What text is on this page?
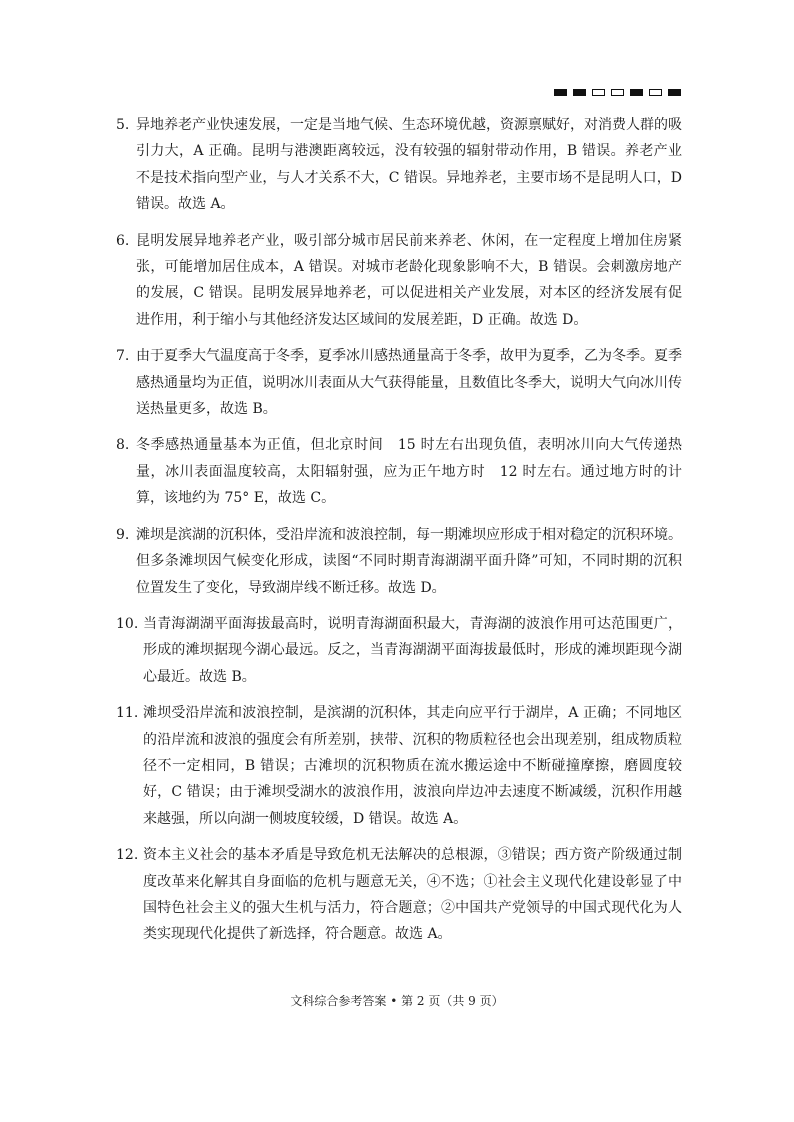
5. 异地养老产业快速发展，一定是当地气候、生态环境优越，资源禀赋好，对消费人群的吸引力大，A 正确。昆明与港澳距离较远，没有较强的辐射带动作用，B 错误。养老产业不是技术指向型产业，与人才关系不大，C 错误。异地养老，主要市场不是昆明人口，D 错误。故选 A。
6. 昆明发展异地养老产业，吸引部分城市居民前来养老、休闲，在一定程度上增加住房紧张，可能增加居住成本，A 错误。对城市老龄化现象影响不大，B 错误。会刺激房地产的发展，C 错误。昆明发展异地养老，可以促进相关产业发展，对本区的经济发展有促进作用，利于缩小与其他经济发达区域间的发展差距，D 正确。故选 D。
7. 由于夏季大气温度高于冬季，夏季冰川感热通量高于冬季，故甲为夏季，乙为冬季。夏季感热通量均为正值，说明冰川表面从大气获得能量，且数值比冬季大，说明大气向冰川传送热量更多，故选 B。
8. 冬季感热通量基本为正值，但北京时间　15 时左右出现负值，表明冰川向大气传递热量，冰川表面温度较高，太阳辐射强，应为正午地方时　12 时左右。通过地方时的计算，该地约为 75° E，故选 C。
9. 滩坝是滨湖的沉积体，受沿岸流和波浪控制，每一期滩坝应形成于相对稳定的沉积环境。但多条滩坝因气候变化形成，读图“不同时期青海湖湖平面升降”可知，不同时期的沉积位置发生了变化，导致湖岸线不断迁移。故选 D。
10. 当青海湖湖平面海拔最高时，说明青海湖面积最大，青海湖的波浪作用可达范围更广，形成的滩坝据现今湖心最远。反之，当青海湖湖平面海拔最低时，形成的滩坝距现今湖心最近。故选 B。
11. 滩坝受沿岸流和波浪控制，是滨湖的沉积体，其走向应平行于湖岸，A 正确；不同地区的沿岸流和波浪的强度会有所差别，挟带、沉积的物质粒径也会出现差别，组成物质粒径不一定相同，B 错误；古滩坝的沉积物质在流水搬运途中不断碰撞摩擦，磨圆度较好，C 错误；由于滩坝受湖水的波浪作用，波浪向岸边冲去速度不断减缓，沉积作用越来越强，所以向湖一侧坡度较缓，D 错误。故选 A。
12. 资本主义社会的基本矛盾是导致危机无法解决的总根源，③错误；西方资产阶级通过制度改革来化解其自身面临的危机与题意无关，④不选；①社会主义现代化建设彰显了中国特色社会主义的强大生机与活力，符合题意；②中国共产党领导的中国式现代化为人类实现现代化提供了新选择，符合题意。故选 A。
文科综合参考答案 • 第 2 页（共 9 页）
